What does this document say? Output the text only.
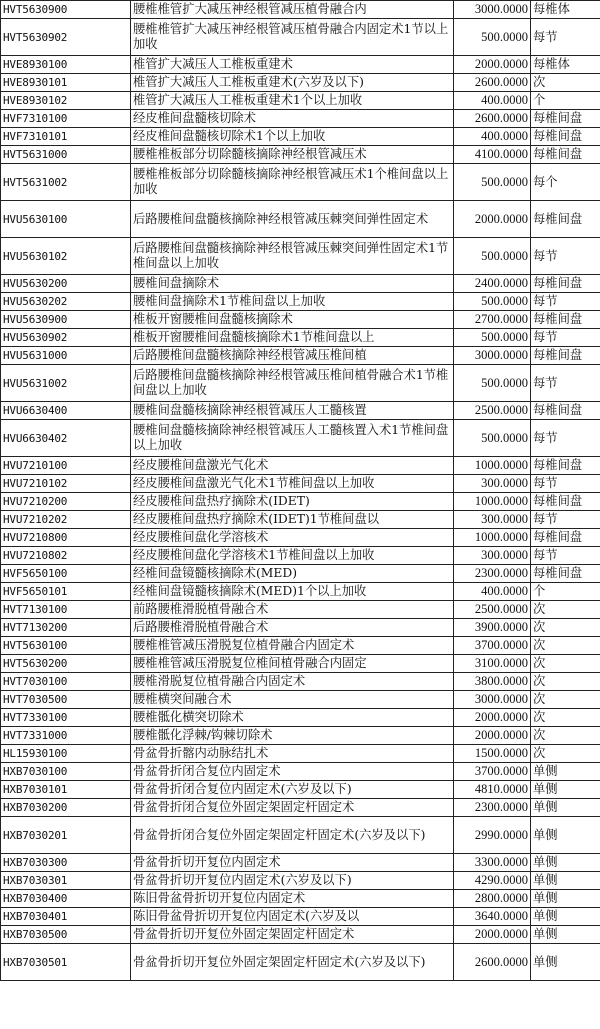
HVT5630900	腰椎椎管扩大减压神经根管减压植骨融合内	3000.0000	每椎体
HVT5630902	腰椎椎管扩大减压神经根管减压植骨融合内固定术1节以上加收	500.0000	每节
HVE8930100	椎管扩大减压人工椎板重建术	2000.0000	每椎体
HVE8930101	椎管扩大减压人工椎板重建术(六岁及以下)	2600.0000	次
HVE8930102	椎管扩大减压人工椎板重建术1个以上加收	400.0000	个
HVF7310100	经皮椎间盘髓核切除术	2600.0000	每椎间盘
HVF7310101	经皮椎间盘髓核切除术1个以上加收	400.0000	每椎间盘
HVT5631000	腰椎椎板部分切除髓核摘除神经根管减压术	4100.0000	每椎间盘
HVT5631002	腰椎椎板部分切除髓核摘除神经根管减压术1个椎间盘以上加收	500.0000	每个
HVU5630100	后路腰椎间盘髓核摘除神经根管减压棘突间弹性固定术	2000.0000	每椎间盘
HVU5630102	后路腰椎间盘髓核摘除神经根管减压棘突间弹性固定术1节椎间盘以上加收	500.0000	每节
HVU5630200	腰椎间盘摘除术	2400.0000	每椎间盘
HVU5630202	腰椎间盘摘除术1节椎间盘以上加收	500.0000	每节
HVU5630900	椎板开窗腰椎间盘髓核摘除术	2700.0000	每椎间盘
HVU5630902	椎板开窗腰椎间盘髓核摘除术1节椎间盘以上	500.0000	每节
HVU5631000	后路腰椎间盘髓核摘除神经根管减压椎间植	3000.0000	每椎间盘
HVU5631002	后路腰椎间盘髓核摘除神经根管减压椎间植骨融合术1节椎间盘以上加收	500.0000	每节
HVU6630400	腰椎间盘髓核摘除神经根管减压人工髓核置	2500.0000	每椎间盘
HVU6630402	腰椎间盘髓核摘除神经根管减压人工髓核置入术1节椎间盘以上加收	500.0000	每节
HVU7210100	经皮腰椎间盘激光气化术	1000.0000	每椎间盘
HVU7210102	经皮腰椎间盘激光气化术1节椎间盘以上加收	300.0000	每节
HVU7210200	经皮腰椎间盘热疗摘除术(IDET)	1000.0000	每椎间盘
HVU7210202	经皮腰椎间盘热疗摘除术(IDET)1节椎间盘以	300.0000	每节
HVU7210800	经皮腰椎间盘化学溶核术	1000.0000	每椎间盘
HVU7210802	经皮腰椎间盘化学溶核术1节椎间盘以上加收	300.0000	每节
HVF5650100	经椎间盘镜髓核摘除术(MED)	2300.0000	每椎间盘
HVF5650101	经椎间盘镜髓核摘除术(MED)1个以上加收	400.0000	个
HVT7130100	前路腰椎滑脱植骨融合术	2500.0000	次
HVT7130200	后路腰椎滑脱植骨融合术	3900.0000	次
HVT5630100	腰椎椎管减压滑脱复位植骨融合内固定术	3700.0000	次
HVT5630200	腰椎椎管减压滑脱复位椎间植骨融合内固定	3100.0000	次
HVT7030100	腰椎滑脱复位植骨融合内固定术	3800.0000	次
HVT7030500	腰椎横突间融合术	3000.0000	次
HVT7330100	腰椎骶化横突切除术	2000.0000	次
HVT7331000	腰椎骶化浮棘/钩棘切除术	2000.0000	次
HL15930100	骨盆骨折髂内动脉结扎术	1500.0000	次
HXB7030100	骨盆骨折闭合复位内固定术	3700.0000	单侧
HXB7030101	骨盆骨折闭合复位内固定术(六岁及以下)	4810.0000	单侧
HXB7030200	骨盆骨折闭合复位外固定架固定杆固定术	2300.0000	单侧
HXB7030201	骨盆骨折闭合复位外固定架固定杆固定术(六岁及以下)	2990.0000	单侧
HXB7030300	骨盆骨折切开复位内固定术	3300.0000	单侧
HXB7030301	骨盆骨折切开复位内固定术(六岁及以下)	4290.0000	单侧
HXB7030400	陈旧骨盆骨折切开复位内固定术	2800.0000	单侧
HXB7030401	陈旧骨盆骨折切开复位内固定术(六岁及以	3640.0000	单侧
HXB7030500	骨盆骨折切开复位外固定架固定杆固定术	2000.0000	单侧
HXB7030501	骨盆骨折切开复位外固定架固定杆固定术(六岁及以下)	2600.0000	单侧
